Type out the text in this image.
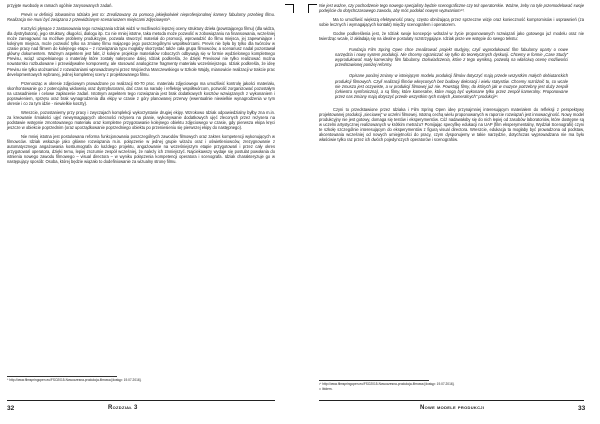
przyjęte swobodę w ramach ogólnie zarysowanych zadań.

Previs w definicji Slowanima Idziaka jest to: Zrealizowany za pomocą jakiejkolwiek nieprofesjonalnej kamery fabularny przebieg filmu. Realizacja nie musi być związana z przewidzianym scenariuszem miejscami zdjęciowymi⁹.

Korzyści płynące z zastosowania tego rozwiązania Idziak widzi w możliwości lepszej oceny struktury dzieła (powstającego filmu) (dla widza, dla dystrybutora), jego struktury, długości, dialogu itp. Co nie mniej istotne, taka metoda może pozwolić w zobowiązaniu na finansowania, wcześniej może zareagować na możliwe problemy produkcyjne, pozwala stworzyć materiał do promocji, wprowadzić do filmu miejsca, jej zapewniające i kolejnym miejsca, może pozwolić tylko na zmianę filmu mającego jego poszczególnymi współtwórcami. Previs nie była by tylko dla twórców w czasie pracy nad filmem do kolejnego etapu – z rozwiązania typu mogłaby skorzystać także cała grupa filmowców, a scenariusz nadal pozostawał główny dokumentem. Ważnym aspektem jest fakt, iż kolejne projekcje materiałów roboczych odbywają się w formie wydzielonego kompletnego Previsu, wciąż uzupełnianego o materiały które zostały nakręcone dalej. Idziak podkreśla, że dzięki Previsowi nie tylko realizować można nowatorsko rozbudowane i przewidywalne komponenty, ale stosować analogiczne fragmenty materiału wcześniejszego. Idziak podkreśla, że ideę Previsu nie tylko utożsamiać z rozważaniami wprowadzonymi przez Wojciecha Marczewskiego w Szkole Wajdy, mianowicie realizacji w trakcie prac developmentowych wybranej, jednej kompletnej sceny z projektowanego filmu.

Przenosząc w okresie zdjęciowym prowadzone po realizacji 60-70 proc. materiału zdjęciowego ma umożliwić kontrolę jakości materiału, skonfrontowanie go z potencjalną widownią oraz dystrybutorami, dać czas na naradę i refleksję współtwórcom, pozwolić zorganizować pozostałym na uzasadnienie i celowe zapłacenie zadań. Istotnym aspektem tego rozwiązania jest brak dodatkowych kosztów wzwiązanych z wykonaniem i poprawieniem, sprzętu oraz brak wynagrodzenia dla ekipy w czasie z góry planowanej przerwy (ewentualnie niewielkie wynagrodzenia w tym okresie i co za tym idzie - niewielkie koszty).

Wreszcie, pozostaniemy przy pracy i zwyczajach komplekcji wykorzystanie drugiej ekipy. Wzrokowo Idziak odpowiedzialny byłby zna m.in. za kreowanie śmiałości ujęć niewymagających obecności reżysera na planie, wykonywanie dodatkowych ujęć zleconych przez reżysera na podstawie wstępnie zmontowanego materiału oraz kompletne przygotowanie kolejnego obiektu zdjęciowego w czasie, gdy pierwsza ekipa kręci jeszcze w obiekcie poprzednim (oraz uporządkowanie poprzedniego obiektu po przeniesieniu się pierwszej ekipy do następnego).

Nie mniej istotna jest postulowana reforma funkcjonowania poszczególnych zawodów filmowych oraz zakres kompetencji wykonujących w filmowców. Idziak wskazuje jako główne rozwiązania m.in. połączenie w jednej grupie wizażu oraz i oświetleniowców, zrezygnowanie z automatycznego angażowania kostiumografa do każdego projektu, angażowanie na wcześniejszym etapie przygotowań i przez cały okres przygotowań operatora, dzięki temu, lepiej zrozumie zespół wcześniej, że należy ich zmniejszyć. Najciekawszy wydaje się postulat powołania do istnienia nowego zawodu filmowego – visual directora – w wyniku połączenia kompetencji operatora i scenografa. Idziak charakteryzuje go w następujący sposób: Osoba, której będzie wiązało to dodefiniowanie za wizualny stronę filmu.

⁹ http://www.filmspringopen.eu/FSO2015-Nowoczesna-produkcja-filmowa [dostęp: 19.07.2016].
32	Rozdział 3

Nie jest ważne, czy pochodzenie tego nowego specjalisty będzie scenograficzne czy też operatorskie. Ważne, żeby na tyle przemodelować swoje podejście do dotychczasowego zawodu, aby móc podołać nowym wyzwaniom¹⁰.

Ma to umożliwić większą efektywność pracy, często obniżającą przez sprzeczne wizje oraz konieczność kompromisów i usprawnień (za sobie lecznych i wymagających kontakt) między scenografem i operatorem.

Godne podkreślenia jest, że Idziak swoje koncepcje wdrażał w życie proponowanych rozwiązań jako gotowego już modelu oraz nie twierdząc wcale, iż akładają się na idealne postulaty rozstrzygające. Idziak pisze we wstępie do swego tekstu:

Fundacja Film Spring Open chce zrealizować projekt studyjny, czyli wyprodukować film fabularny oparty o nowe narzędzia i nowy system produkcji. Nie chcemy ograniczać się tylko do teoretycznych dyskusji. Chcemy w formie „Case Study” wyprodukować mały kameralny film fabularny. Doświadczenia, które z tego wynikną, pozwolą na właściwą ocenę możliwości przedstawionej poniżej reformy.

Opisane poniżej zmiany w istniejącym modelu produkcji filmów dotyczyć mają przede wszystkim małych debiutanckich produkcji filmowych. Czyli realizacji filmów wkręconych bez budowy dekoracji i wielu statystów. Chcemy rozróżnić to, co wcale nie zmusza jest oczywiste, a w produkcji filmowej już nie. Powstają filmy, do których jak w muzyce potrzebny jest duży zespół (orkiestra symfoniczna), a są filmy, które kameralne, które mogą być wykonane tylko przez zespół kameralny. Proponowane przez nas zmiany mają dotyczyć przede wszystkim tych małych „kameralnych” produkcji¹¹.

Czyni to przedstawione przez Idziaka i Film Spring Open ideę przynajmniej interesującym materiałem do refleksji z perspektywy projektowanej produkcji „sieciowej” w uczelni filmowej. Istotną cechą wielu proponowanych w raporcie rozwiązań jest innowacyjność. Nowy model produkcyjny nie jest gotowy, domaga się testów i eksperymentów. Cóż nadawałoby się do nich lepiej od zasobów laboratoriów, które dostępne są w uczelni artystycznej realizowanych w krótkim metrażu? Pomijając specyfikę edukacji na UAP (film eksperymentalny, Wydział Scenografii) czyni te szkołę szczególnie interesującym do eksperymentów z figurą visual directora. Wreszcie, edukacja ta mogłaby być prowadzona od podstaw, akcentowania wcześniej od nowych umiejętności do pracy, czym dysponujemy w takie narzędzie, dotychczas wyprowadzana nie ma było właściwie tylko raz przez ich dwóch pojedynczych operatorów i scenografów.

¹⁰ http://www.filmspringopen.eu/FSO2015-Nowoczesna-produkcja-filmowa [dostęp: 19.07.2016].
¹¹ Ibidem.
Nowe modele produkcji	33
